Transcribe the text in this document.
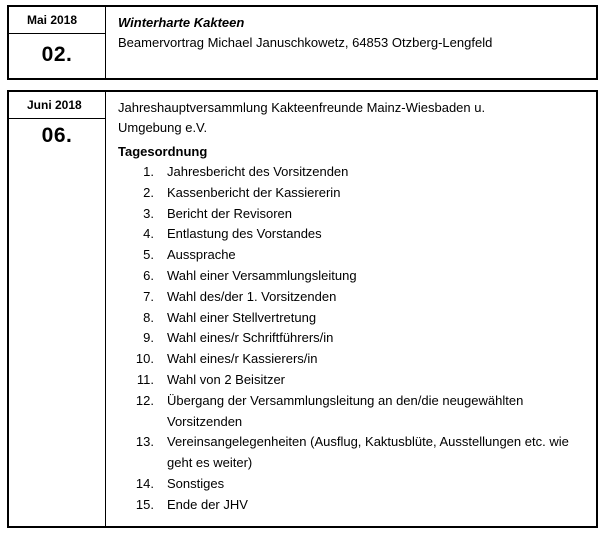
Mai 2018
02.
Winterharte Kakteen
Beamervortrag Michael Januschkowetz, 64853 Otzberg-Lengfeld
Juni 2018
06.
Jahreshauptversammlung Kakteenfreunde Mainz-Wiesbaden u. Umgebung e.V.
Tagesordnung
1. Jahresbericht des Vorsitzenden
2. Kassenbericht der Kassiererin
3. Bericht der Revisoren
4. Entlastung des Vorstandes
5. Aussprache
6. Wahl einer Versammlungsleitung
7. Wahl des/der 1. Vorsitzenden
8. Wahl einer Stellvertretung
9. Wahl eines/r Schriftführers/in
10. Wahl eines/r Kassierers/in
11. Wahl von 2 Beisitzer
12. Übergang der Versammlungsleitung an den/die neugewählten Vorsitzenden
13. Vereinsangelegenheiten (Ausflug, Kaktusblüte, Ausstellungen etc. wie geht es weiter)
14. Sonstiges
15. Ende der JHV
